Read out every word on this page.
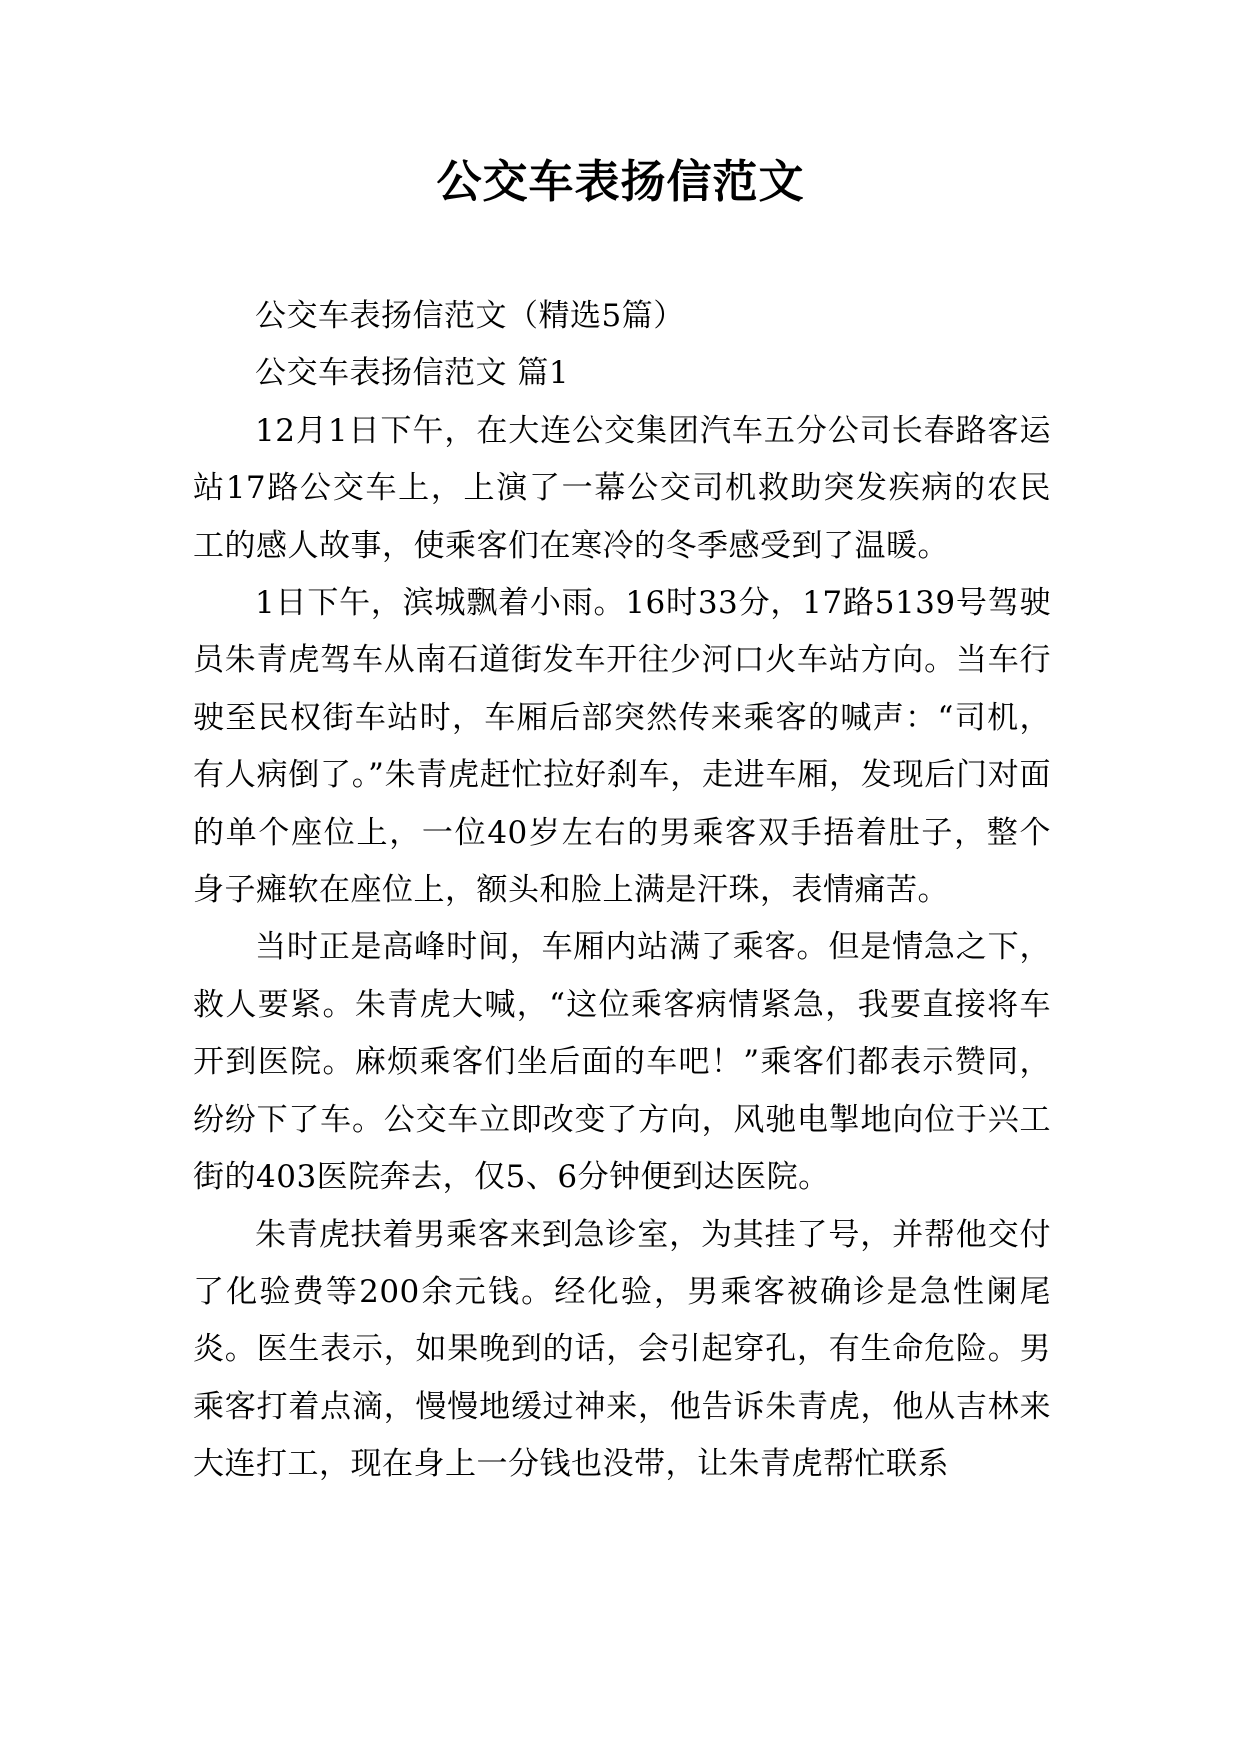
公交车表扬信范文

公交车表扬信范文（精选5篇）

公交车表扬信范文 篇1

12月1日下午，在大连公交集团汽车五分公司长春路客运站17路公交车上，上演了一幕公交司机救助突发疾病的农民工的感人故事，使乘客们在寒冷的冬季感受到了温暖。

1日下午，滨城飘着小雨。16时33分，17路5139号驾驶员朱青虎驾车从南石道街发车开往少河口火车站方向。当车行驶至民权街车站时，车厢后部突然传来乘客的喊声：“司机，有人病倒了。”朱青虎赶忙拉好刹车，走进车厢，发现后门对面的单个座位上，一位40岁左右的男乘客双手捂着肚子，整个身子瘫软在座位上，额头和脸上满是汗珠，表情痛苦。

当时正是高峰时间，车厢内站满了乘客。但是情急之下，救人要紧。朱青虎大喊，“这位乘客病情紧急，我要直接将车开到医院。麻烦乘客们坐后面的车吧！”乘客们都表示赞同，纷纷下了车。公交车立即改变了方向，风驰电掣地向位于兴工街的403医院奔去，仅5、6分钟便到达医院。

朱青虎扶着男乘客来到急诊室，为其挂了号，并帮他交付了化验费等200余元钱。经化验，男乘客被确诊是急性阑尾炎。医生表示，如果晚到的话，会引起穿孔，有生命危险。男乘客打着点滴，慢慢地缓过神来，他告诉朱青虎，他从吉林来大连打工，现在身上一分钱也没带，让朱青虎帮忙联系
